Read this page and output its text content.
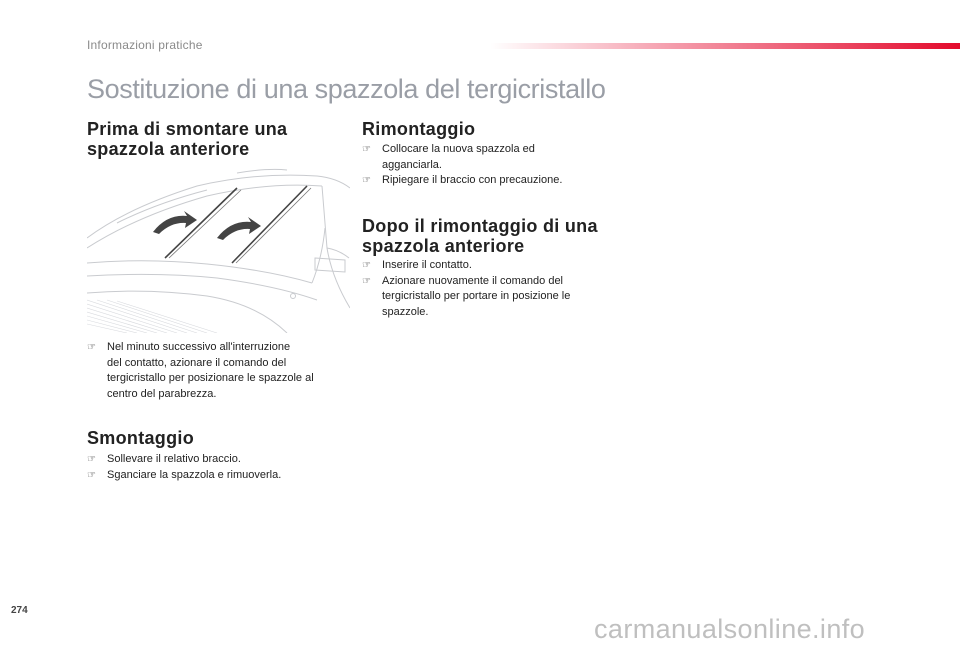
Informazioni pratiche
Sostituzione di una spazzola del tergicristallo
Prima di smontare una
spazzola anteriore
☞ Nel minuto successivo all'interruzione
del contatto, azionare il comando del
tergicristallo per posizionare le spazzole al
centro del parabrezza.
Smontaggio
☞ Sollevare il relativo braccio.
☞ Sganciare la spazzola e rimuoverla.
Rimontaggio
☞ Collocare la nuova spazzola ed
agganciarla.
☞ Ripiegare il braccio con precauzione.
Dopo il rimontaggio di una
spazzola anteriore
☞ Inserire il contatto.
☞ Azionare nuovamente il comando del
tergicristallo per portare in posizione le
spazzole.
274
carmanualsonline.info
